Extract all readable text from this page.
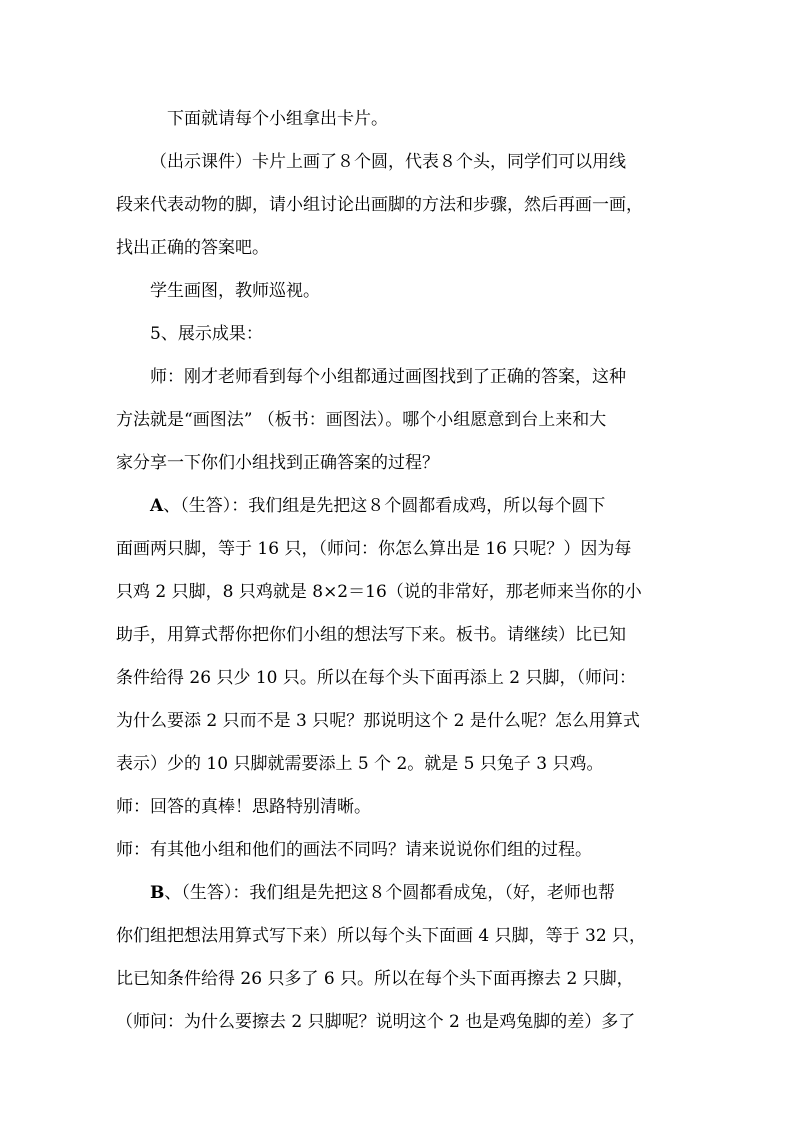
下面就请每个小组拿出卡片。
（出示课件）卡片上画了８个圆，代表８个头，同学们可以用线
段来代表动物的脚，请小组讨论出画脚的方法和步骤，然后再画一画，
找出正确的答案吧。
学生画图，教师巡视。
5、展示成果：
师：刚才老师看到每个小组都通过画图找到了正确的答案，这种
方法就是“画图法” （板书：画图法）。哪个小组愿意到台上来和大
家分享一下你们小组找到正确答案的过程？
A、（生答）：我们组是先把这８个圆都看成鸡，所以每个圆下
面画两只脚，等于 16 只，（师问：你怎么算出是 16 只呢？）因为每
只鸡 2 只脚，8 只鸡就是 8×2＝16（说的非常好，那老师来当你的小
助手，用算式帮你把你们小组的想法写下来。板书。请继续）比已知
条件给得 26 只少 10 只。所以在每个头下面再添上 2 只脚，（师问：
为什么要添 2 只而不是 3 只呢？那说明这个 2 是什么呢？怎么用算式
表示）少的 10 只脚就需要添上 5 个 2。就是 5 只兔子 3 只鸡。
师：回答的真棒！思路特别清晰。
师：有其他小组和他们的画法不同吗？请来说说你们组的过程。
B、（生答）：我们组是先把这８个圆都看成兔，（好，老师也帮
你们组把想法用算式写下来）所以每个头下面画 4 只脚，等于 32 只，
比已知条件给得 26 只多了 6 只。所以在每个头下面再擦去 2 只脚，
（师问：为什么要擦去 2 只脚呢？说明这个 2 也是鸡兔脚的差）多了
